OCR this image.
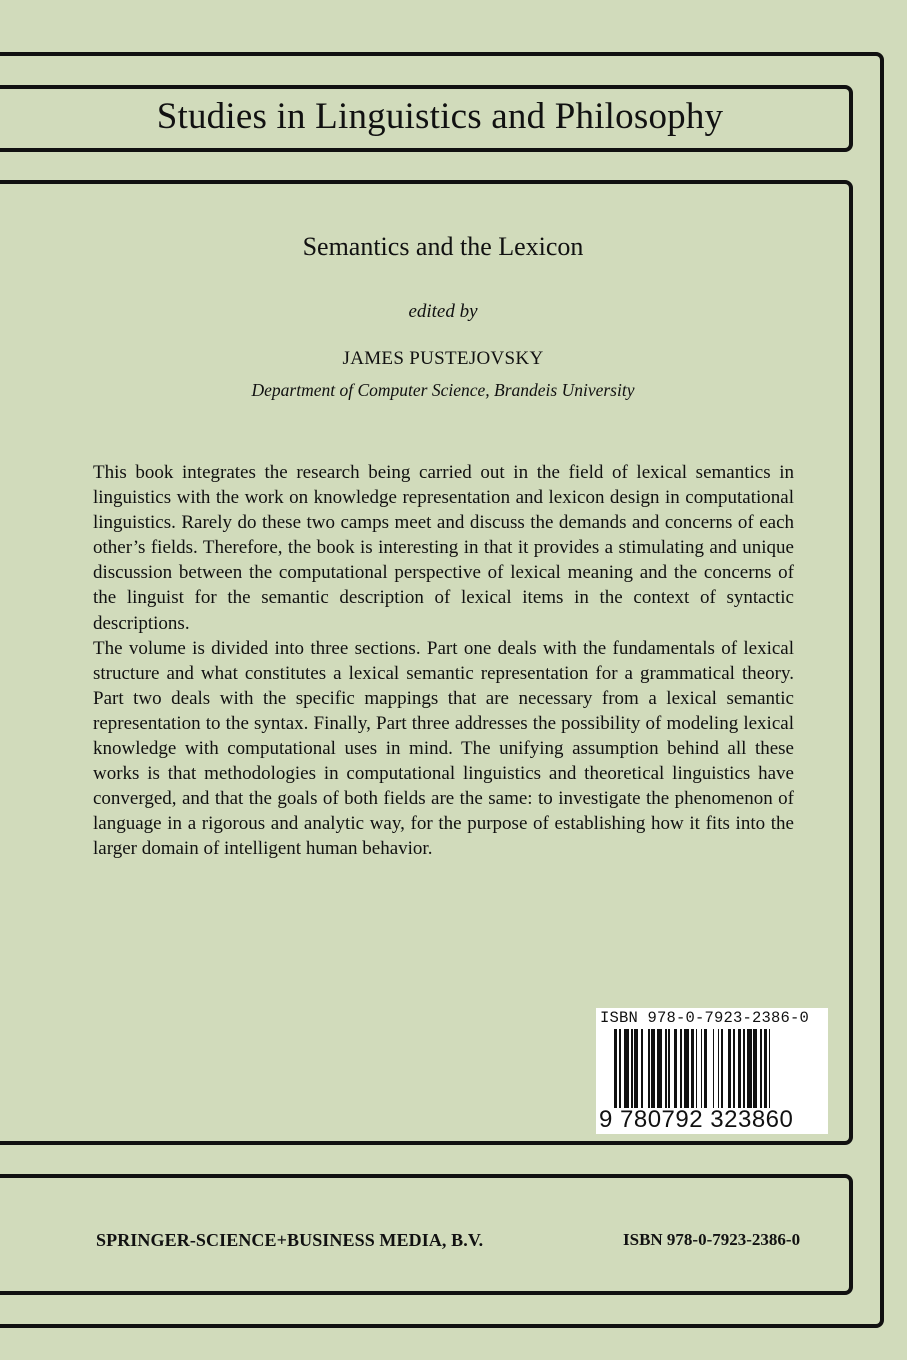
Studies in Linguistics and Philosophy
Semantics and the Lexicon
edited by
JAMES PUSTEJOVSKY
Department of Computer Science, Brandeis University

This book integrates the research being carried out in the field of lexical semantics in linguistics with the work on knowledge representation and lexicon design in computational linguistics. Rarely do these two camps meet and discuss the demands and concerns of each other’s fields. Therefore, the book is interesting in that it provides a stimulating and unique discussion between the computational perspective of lexical meaning and the concerns of the linguist for the semantic description of lexical items in the context of syntactic descriptions.

The volume is divided into three sections. Part one deals with the fundamentals of lexical structure and what constitutes a lexical semantic representation for a grammatical theory. Part two deals with the specific mappings that are necessary from a lexical semantic representation to the syntax. Finally, Part three addresses the possibility of modeling lexical knowledge with computational uses in mind. The unifying assumption behind all these works is that methodologies in computational linguistics and theoretical linguistics have converged, and that the goals of both fields are the same: to investigate the phenomenon of language in a rigorous and analytic way, for the purpose of establishing how it fits into the larger domain of intelligent human behavior.

ISBN 978-0-7923-2386-0
9 780792 323860
SPRINGER-SCIENCE+BUSINESS MEDIA, B.V.	ISBN 978-0-7923-2386-0
